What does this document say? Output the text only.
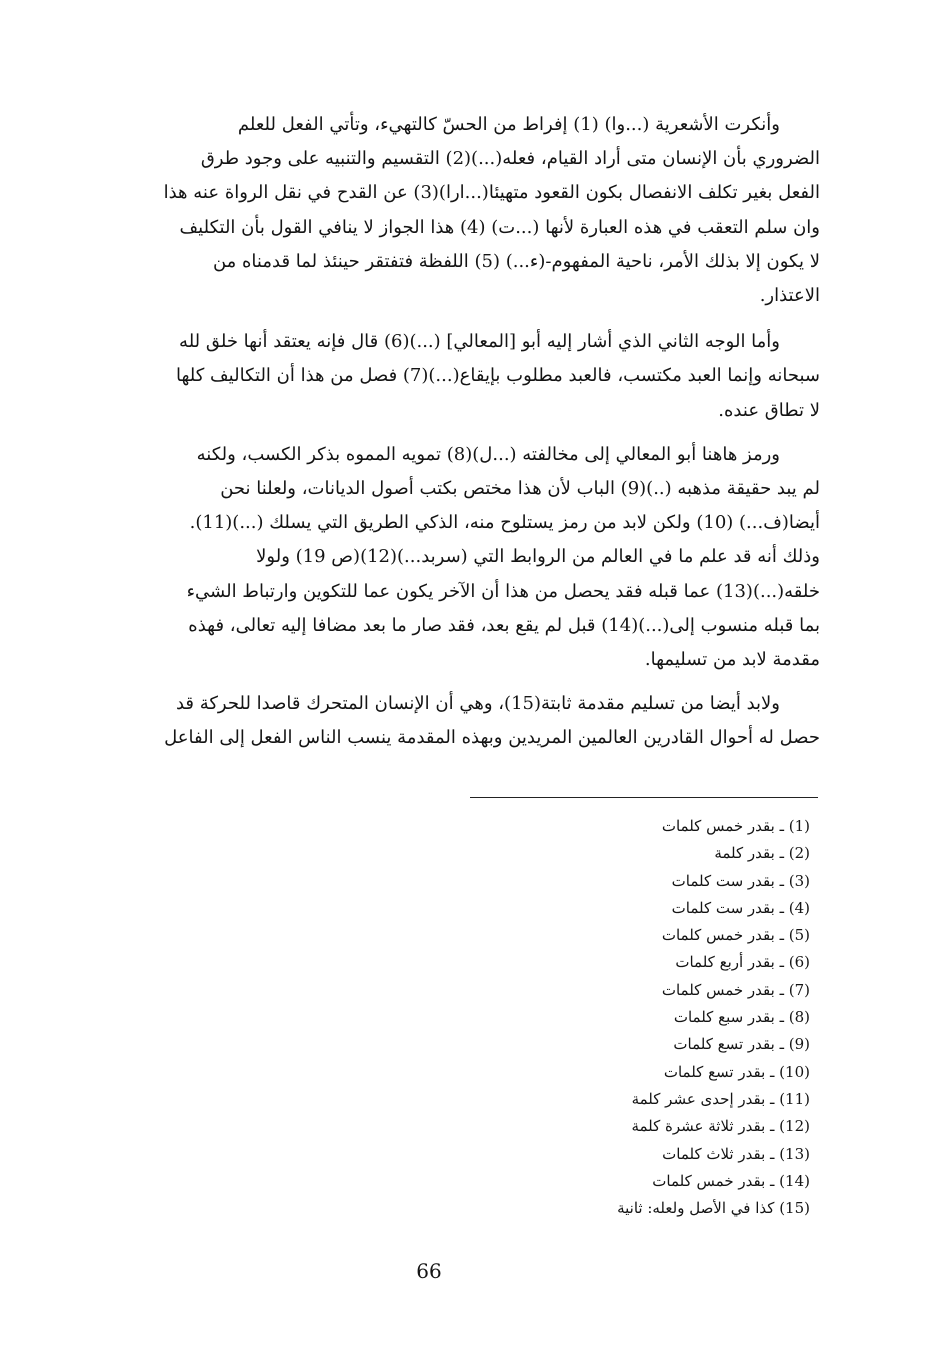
وأنكرت الأشعرية (...وا) (1) إفراط من الحسّ كالتهيء، وتأتي الفعل للعلم
الضروري بأن الإنسان متى أراد القيام، فعله(...)(2) التقسيم والتنبيه على وجود طرق
الفعل بغير تكلف الانفصال بكون القعود متهيئا(...ارا)(3) عن القدح في نقل الرواة عنه هذا
وان سلم التعقب في هذه العبارة لأنها (...ت) (4) هذا الجواز لا ينافي القول بأن التكليف
لا يكون إلا بذلك الأمر، ناحية المفهوم-(ء...) (5) اللفظة فتفتقر حينئذ لما قدمناه من
الاعتذار.

وأما الوجه الثاني الذي أشار إليه أبو [المعالي] (...)(6) قال فإنه يعتقد أنها خلق لله
سبحانه وإنما العبد مكتسب، فالعبد مطلوب بإيقاع(...)(7) فصل من هذا أن التكاليف كلها
لا تطاق عنده.

ورمز هاهنا أبو المعالي إلى مخالفته (...ل)(8) تمويه المموه بذكر الكسب، ولكنه
لم يبد حقيقة مذهبه (..)(9) الباب لأن هذا مختص بكتب أصول الديانات، ولعلنا نحن
أيضا(ف...) (10) ولكن لابد من رمز يستلوح منه، الذكي الطريق التي يسلك (...)(11).
وذلك أنه قد علم ما في العالم من الروابط التي (سربد...)(12)(ص 19) ولولا
خلقه(...)(13) عما قبله فقد يحصل من هذا أن الآخر يكون عما للتكوين وارتباط الشيء
بما قبله منسوب إلى(...)(14) قبل لم يقع بعد، فقد صار ما بعد مضافا إليه تعالى، فهذه
مقدمة لابد من تسليمها.

ولابد أيضا من تسليم مقدمة ثابتة(15)، وهي أن الإنسان المتحرك قاصدا للحركة قد
حصل له أحوال القادرين العالمين المريدين وبهذه المقدمة ينسب الناس الفعل إلى الفاعل

(1) ـ بقدر خمس كلمات
(2) ـ بقدر كلمة
(3) ـ بقدر ست كلمات
(4) ـ بقدر ست كلمات
(5) ـ بقدر خمس كلمات
(6) ـ بقدر أربع كلمات
(7) ـ بقدر خمس كلمات
(8) ـ بقدر سبع كلمات
(9) ـ بقدر تسع كلمات
(10) ـ بقدر تسع كلمات
(11) ـ بقدر إحدى عشر كلمة
(12) ـ بقدر ثلاثة عشرة كلمة
(13) ـ بقدر ثلاث كلمات
(14) ـ بقدر خمس كلمات
(15) كذا في الأصل ولعله: ثانية
66
